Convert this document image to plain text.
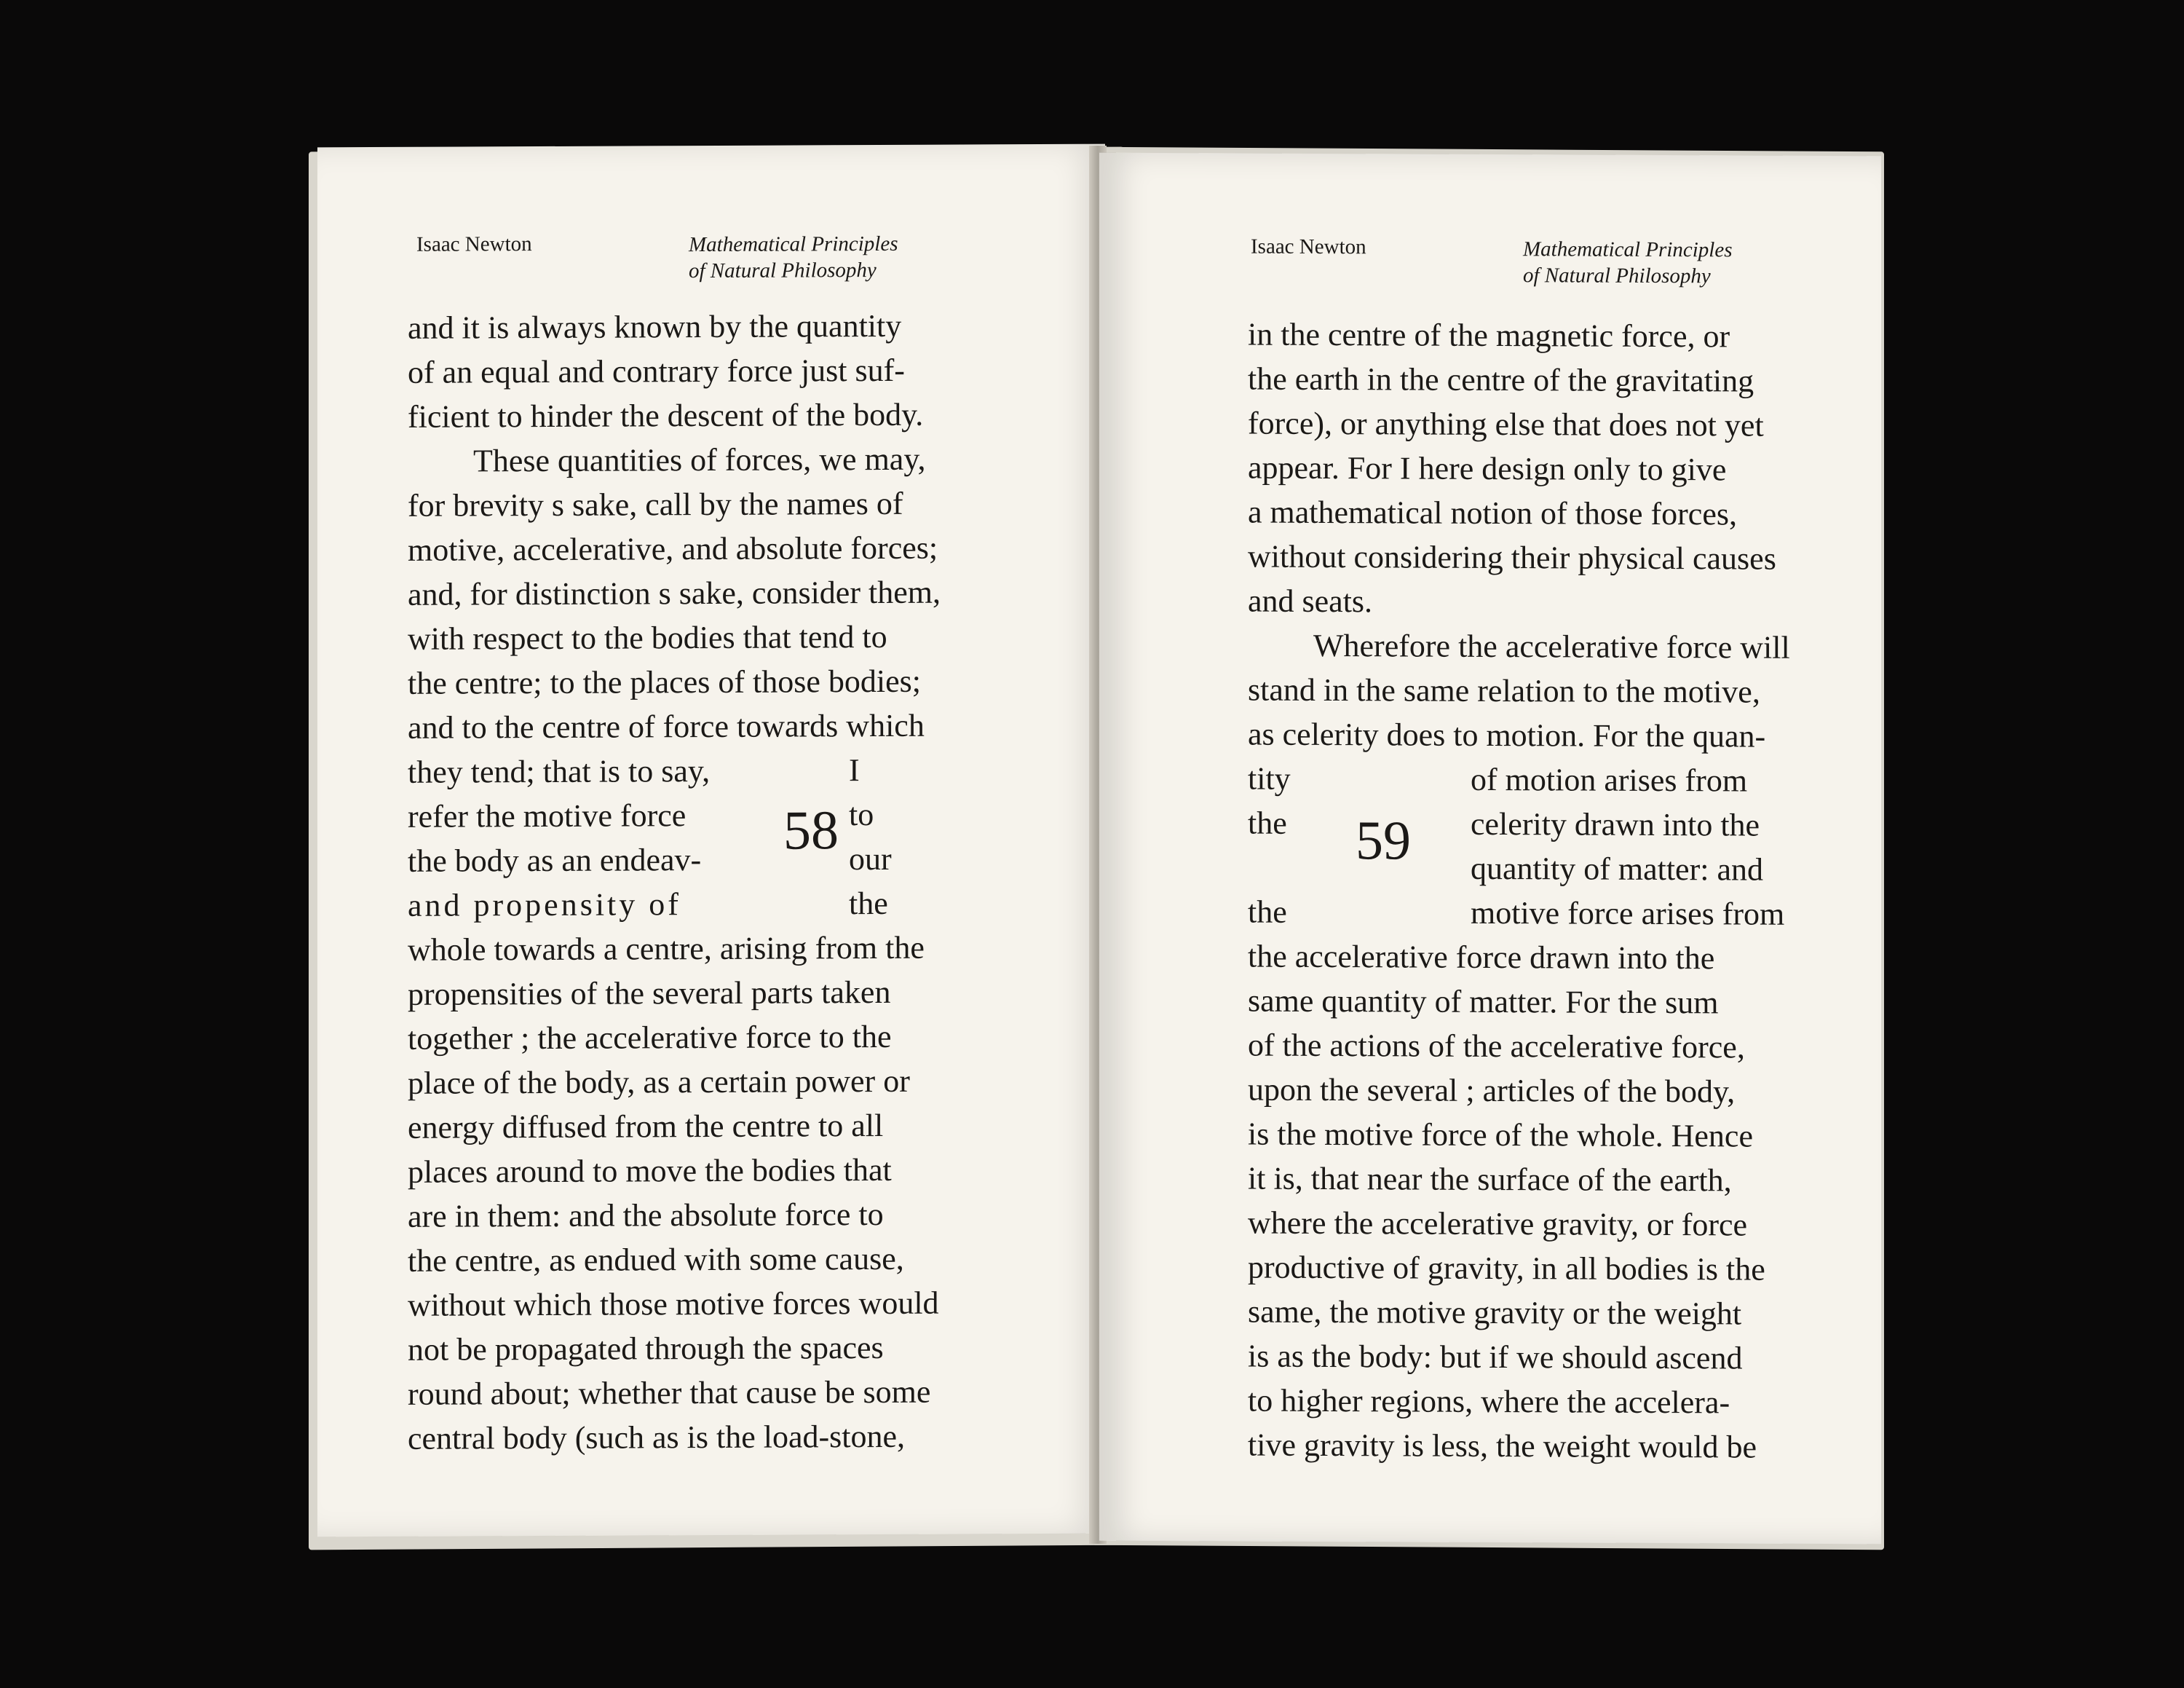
Isaac Newton	Mathematical Principles
of Natural Philosophy
and it is always known by the quantity
of an equal and contrary force just suf-
ficient to hinder the descent of the body.
These quantities of forces, we may,
for brevity s sake, call by the names of
motive, accelerative, and absolute forces;
and, for distinction s sake, consider them,
with respect to the bodies that tend to
the centre; to the places of those bodies;
and to the centre of force towards which
they tend; that is to say,	I
refer the motive force	to
the body as an endeav-	our
and propensity of	the
whole towards a centre, arising from the
propensities of the several parts taken
together ; the accelerative force to the
place of the body, as a certain power or
energy diffused from the centre to all
places around to move the bodies that
are in them: and the absolute force to
the centre, as endued with some cause,
without which those motive forces would
not be propagated through the spaces
round about; whether that cause be some
central body (such as is the load-stone,
58
Isaac Newton	Mathematical Principles
of Natural Philosophy
in the centre of the magnetic force, or
the earth in the centre of the gravitating
force), or anything else that does not yet
appear. For I here design only to give
a mathematical notion of those forces,
without considering their physical causes
and seats.
Wherefore the accelerative force will
stand in the same relation to the motive,
as celerity does to motion. For the quan-
tity	of motion arises from
the	celerity drawn into the
quantity of matter: and
the	motive force arises from
the accelerative force drawn into the
same quantity of matter. For the sum
of the actions of the accelerative force,
upon the several ; articles of the body,
is the motive force of the whole. Hence
it is, that near the surface of the earth,
where the accelerative gravity, or force
productive of gravity, in all bodies is the
same, the motive gravity or the weight
is as the body: but if we should ascend
to higher regions, where the accelera-
tive gravity is less, the weight would be
59
